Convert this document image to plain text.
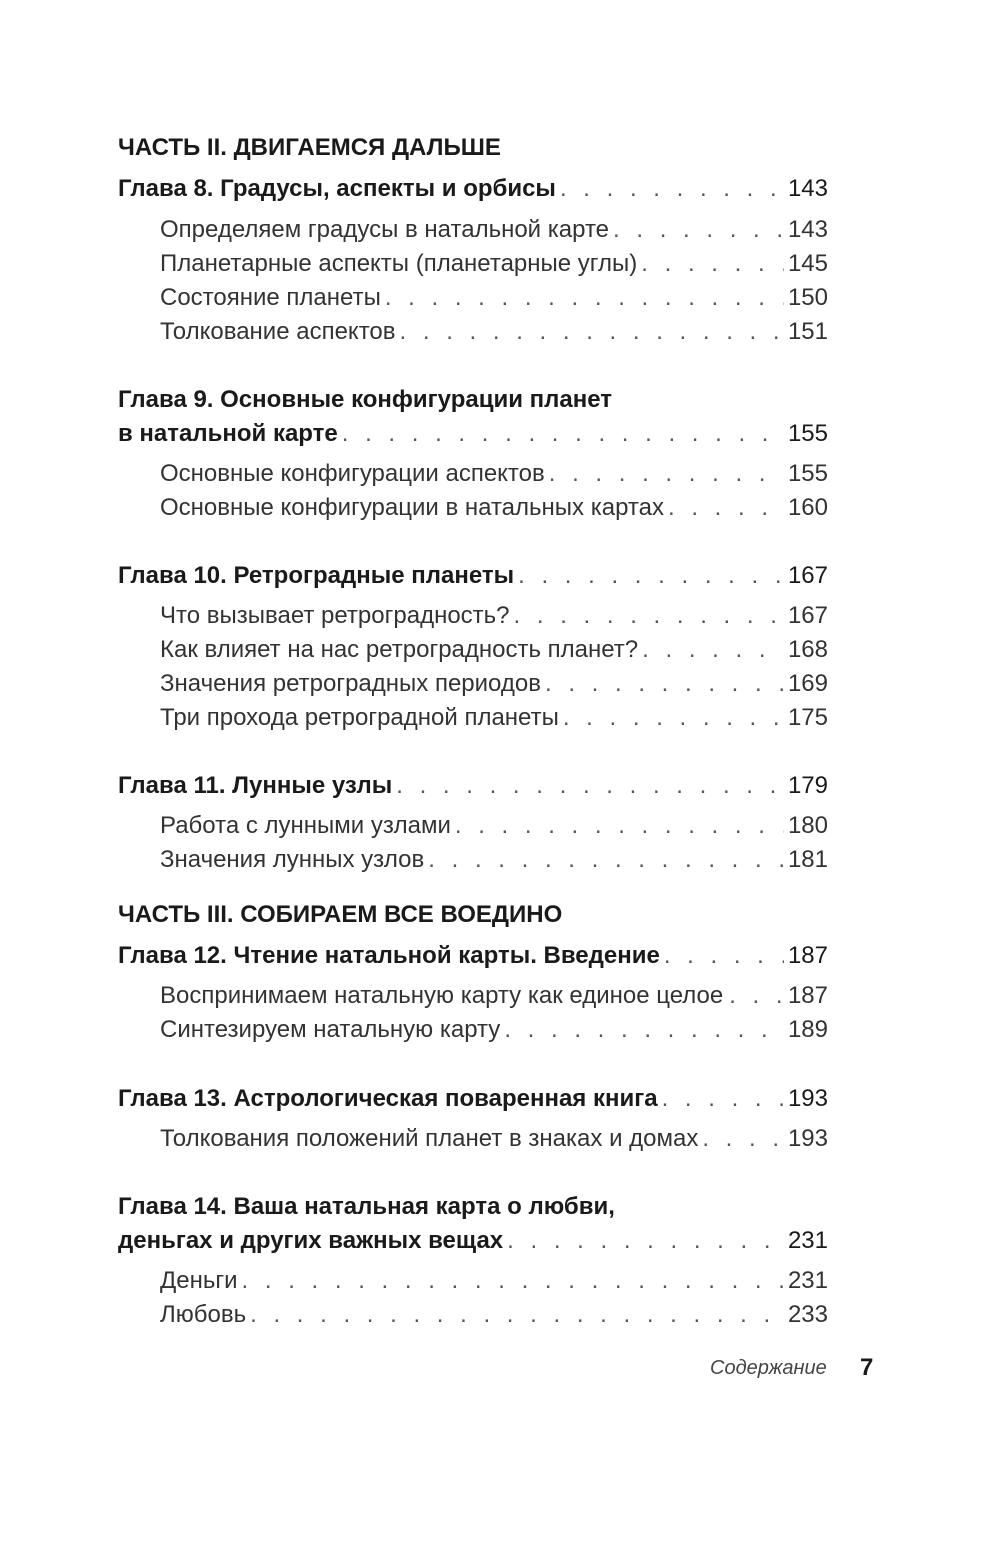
ЧАСТЬ II. ДВИГАЕМСЯ ДАЛЬШЕ
Глава 8. Градусы, аспекты и орбисы . . .	143
Определяем градусы в натальной карте . . .	143
Планетарные аспекты (планетарные углы) . . .	145
Состояние планеты . . .	150
Толкование аспектов . . .	151
Глава 9. Основные конфигурации планет
в натальной карте . . .	155
Основные конфигурации аспектов . . .	155
Основные конфигурации в натальных картах . . .	160
Глава 10. Ретроградные планеты . . .	167
Что вызывает ретроградность? . . .	167
Как влияет на нас ретроградность планет? . . .	168
Значения ретроградных периодов . . .	169
Три прохода ретроградной планеты . . .	175
Глава 11. Лунные узлы . . .	179
Работа с лунными узлами . . .	180
Значения лунных узлов . . .	181
ЧАСТЬ III. СОБИРАЕМ ВСЕ ВОЕДИНО
Глава 12. Чтение натальной карты. Введение . . .	187
Воспринимаем натальную карту как единое целое . . .	187
Синтезируем натальную карту . . .	189
Глава 13. Астрологическая поваренная книга . . .	193
Толкования положений планет в знаках и домах . . .	193
Глава 14. Ваша натальная карта о любви,
деньгах и других важных вещах . . .	231
Деньги . . .	231
Любовь . . .	233
Содержание 7
